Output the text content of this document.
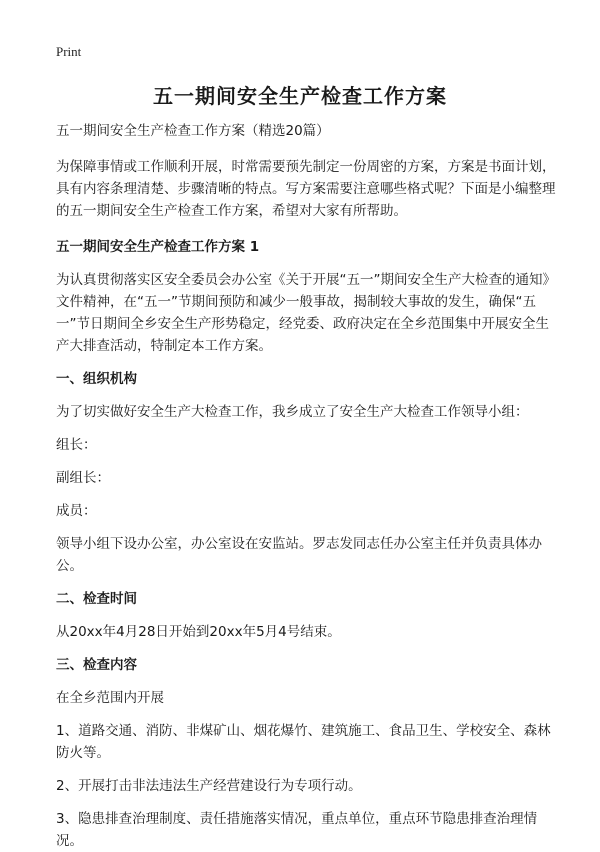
Print
五一期间安全生产检查工作方案

五一期间安全生产检查工作方案（精选20篇）

为保障事情或工作顺利开展，时常需要预先制定一份周密的方案，方案是书面计划，具有内容条理清楚、步骤清晰的特点。写方案需要注意哪些格式呢？下面是小编整理的五一期间安全生产检查工作方案，希望对大家有所帮助。

五一期间安全生产检查工作方案 1

为认真贯彻落实区安全委员会办公室《关于开展“五一”期间安全生产大检查的通知》文件精神，在“五一”节期间预防和减少一般事故，揭制较大事故的发生，确保“五一”节日期间全乡安全生产形势稳定，经党委、政府决定在全乡范围集中开展安全生产大排查活动，特制定本工作方案。

一、组织机构

为了切实做好安全生产大检查工作，我乡成立了安全生产大检查工作领导小组：

组长：

副组长：

成员：

领导小组下设办公室，办公室设在安监站。罗志发同志任办公室主任并负责具体办公。

二、检查时间

从20xx年4月28日开始到20xx年5月4号结束。

三、检查内容

在全乡范围内开展

1、道路交通、消防、非煤矿山、烟花爆竹、建筑施工、食品卫生、学校安全、森林防火等。

2、开展打击非法违法生产经营建设行为专项行动。

3、隐患排查治理制度、责任措施落实情况，重点单位，重点环节隐患排查治理情况。
